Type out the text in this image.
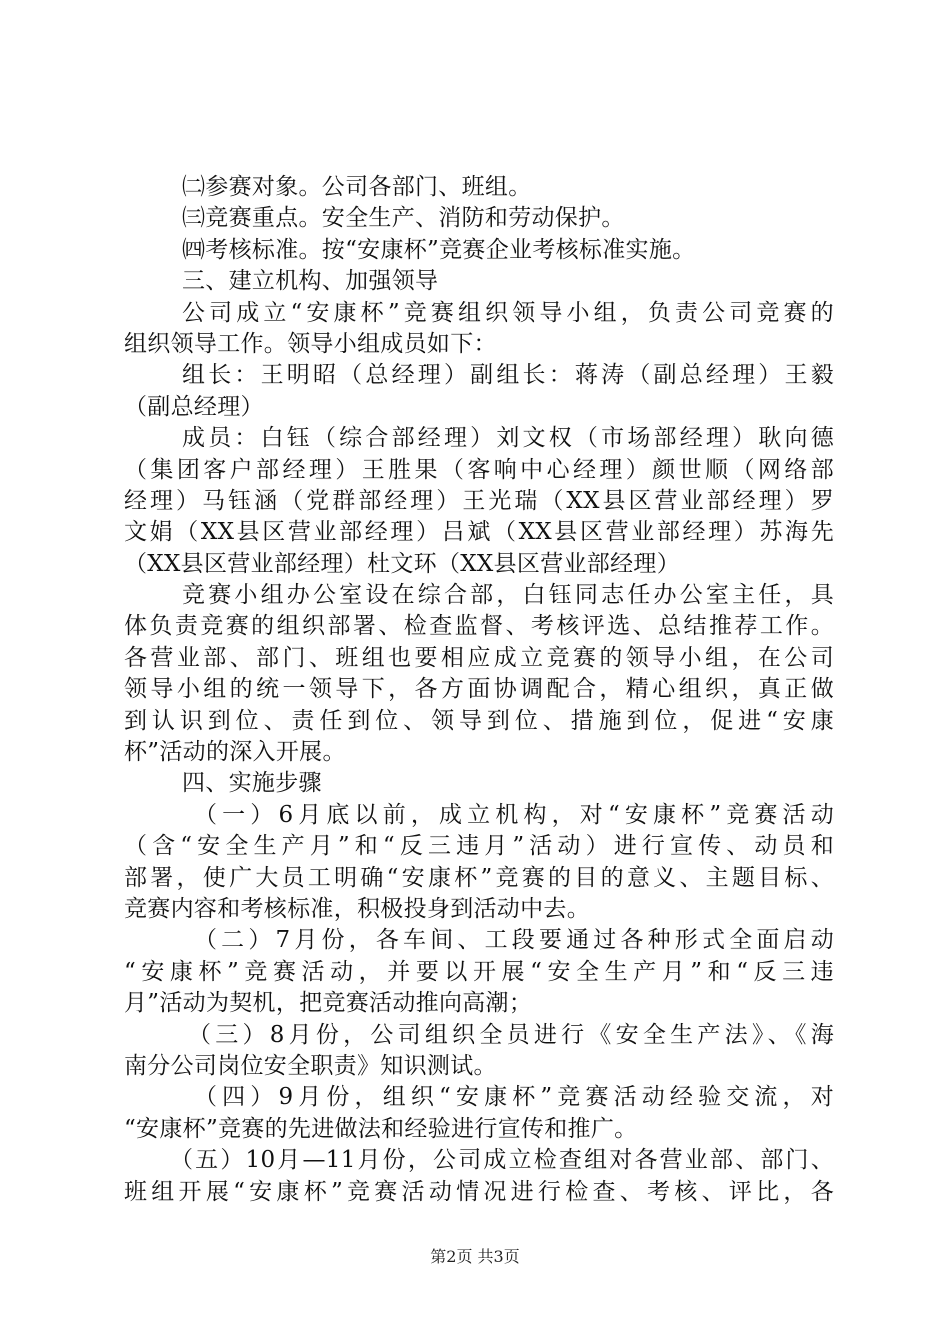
㈡参赛对象。公司各部门、班组。
㈢竞赛重点。安全生产、消防和劳动保护。
㈣考核标准。按“安康杯”竞赛企业考核标准实施。
三、建立机构、加强领导
公司成立“安康杯”竞赛组织领导小组，负责公司竞赛的
组织领导工作。领导小组成员如下：
组长：王明昭（总经理）副组长：蒋涛（副总经理）王毅
（副总经理）
成员：白钰（综合部经理）刘文权（市场部经理）耿向德
（集团客户部经理）王胜果（客响中心经理）颜世顺（网络部
经理）马钰涵（党群部经理）王光瑞（XX县区营业部经理）罗
文娟（XX县区营业部经理）吕斌（XX县区营业部经理）苏海先
（XX县区营业部经理）杜文环（XX县区营业部经理）
竞赛小组办公室设在综合部，白钰同志任办公室主任，具
体负责竞赛的组织部署、检查监督、考核评选、总结推荐工作。
各营业部、部门、班组也要相应成立竞赛的领导小组，在公司
领导小组的统一领导下，各方面协调配合，精心组织，真正做
到认识到位、责任到位、领导到位、措施到位，促进“安康
杯”活动的深入开展。
四、实施步骤
（一）6月底以前，成立机构，对“安康杯”竞赛活动
（含“安全生产月”和“反三违月”活动）进行宣传、动员和
部署，使广大员工明确“安康杯”竞赛的目的意义、主题目标、
竞赛内容和考核标准，积极投身到活动中去。
（二）7月份，各车间、工段要通过各种形式全面启动
“安康杯”竞赛活动，并要以开展“安全生产月”和“反三违
月”活动为契机，把竞赛活动推向高潮；
（三）8月份，公司组织全员进行《安全生产法》、《海
南分公司岗位安全职责》知识测试。
（四）9月份，组织“安康杯”竞赛活动经验交流，对
“安康杯”竞赛的先进做法和经验进行宣传和推广。
（五）10月—11月份，公司成立检查组对各营业部、部门、
班组开展“安康杯”竞赛活动情况进行检查、考核、评比，各
第2页 共3页
